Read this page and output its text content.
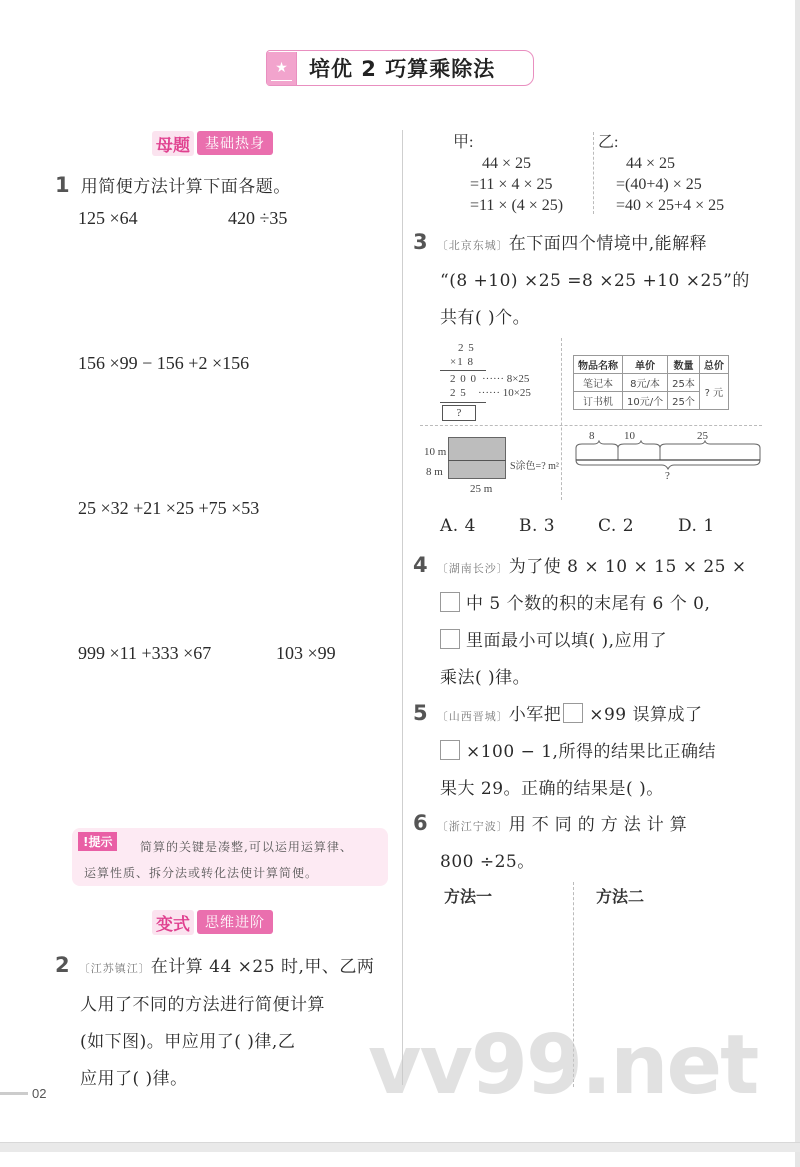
★	培优 2 巧算乘除法
母题	基础热身
1 用简便方法计算下面各题。
125 ×64	420 ÷35
156 ×99 − 156 +2 ×156
25 ×32 +21 ×25 +75 ×53
999 ×11 +333 ×67	103 ×99
!提示	简算的关键是凑整,可以运用运算律、
运算性质、拆分法或转化法使计算简便。
变式	思维进阶
2 〔江苏镇江〕在计算 44 ×25 时,甲、乙两
人用了不同的方法进行简便计算
(如下图)。甲应用了( )律,乙
应用了( )律。
甲:
44 × 25
=11 × 4 × 25
=11 × (4 × 25)
乙:
44 × 25
=(40+4) × 25
=40 × 25+4 × 25
3 〔北京东城〕在下面四个情境中,能解释
“(8 +10) ×25 =8 ×25 +10 ×25”的
共有( )个。
2 5
×1 8
2 0 0 ······ 8×25
2 5 ······ 10×25
?
物品名称	单价	数量	总价
笔记本	8元/本	25本	? 元
订书机	10元/个	25个	
10 m
8 m	S涂色=? m²
25 m
8	10	25
?
A. 4	B. 3	C. 2	D. 1
4 〔湖南长沙〕为了使 8 × 10 × 15 × 25 ×
中 5 个数的积的末尾有 6 个 0,
里面最小可以填( ),应用了
乘法( )律。
5 〔山西晋城〕小军把 ×99 误算成了
×100 − 1,所得的结果比正确结
果大 29。正确的结果是( )。
6 〔浙江宁波〕用不同的方法计算
800 ÷25。
方法一	方法二
vv99.net
02
